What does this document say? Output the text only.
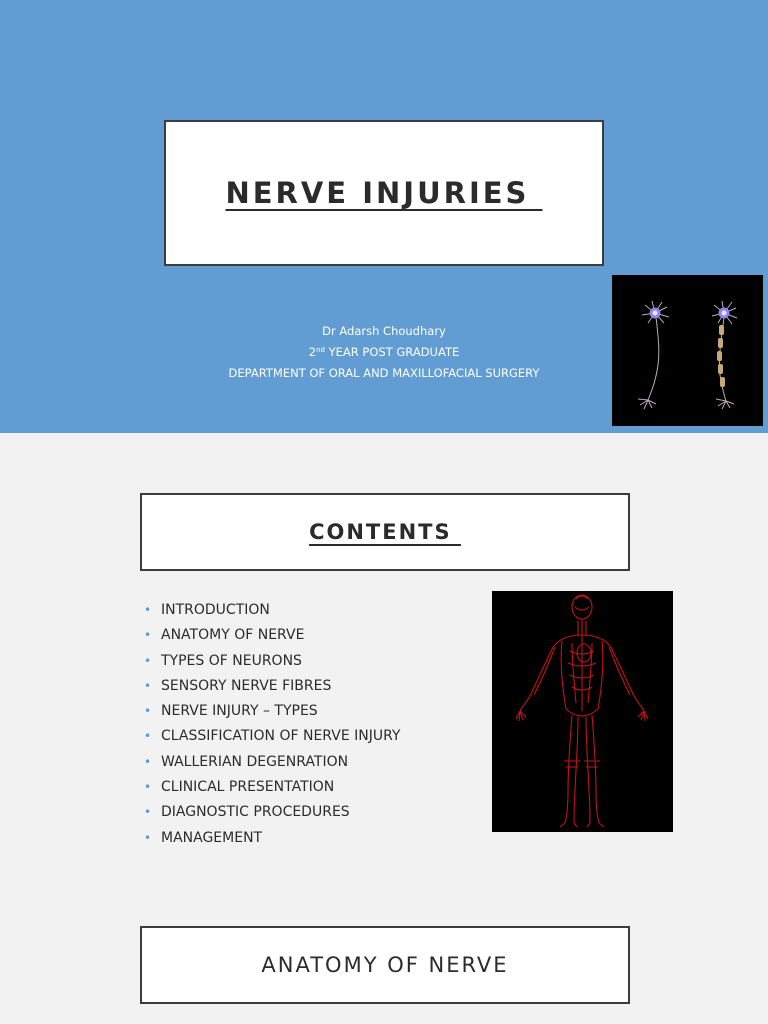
NERVE INJURIES
Dr Adarsh Choudhary
2nd YEAR POST GRADUATE
DEPARTMENT OF ORAL AND MAXILLOFACIAL SURGERY
CONTENTS
• INTRODUCTION
• ANATOMY OF NERVE
• TYPES OF NEURONS
• SENSORY NERVE FIBRES
• NERVE INJURY – TYPES
• CLASSIFICATION OF NERVE INJURY
• WALLERIAN DEGENRATION
• CLINICAL PRESENTATION
• DIAGNOSTIC PROCEDURES
• MANAGEMENT
ANATOMY OF NERVE
